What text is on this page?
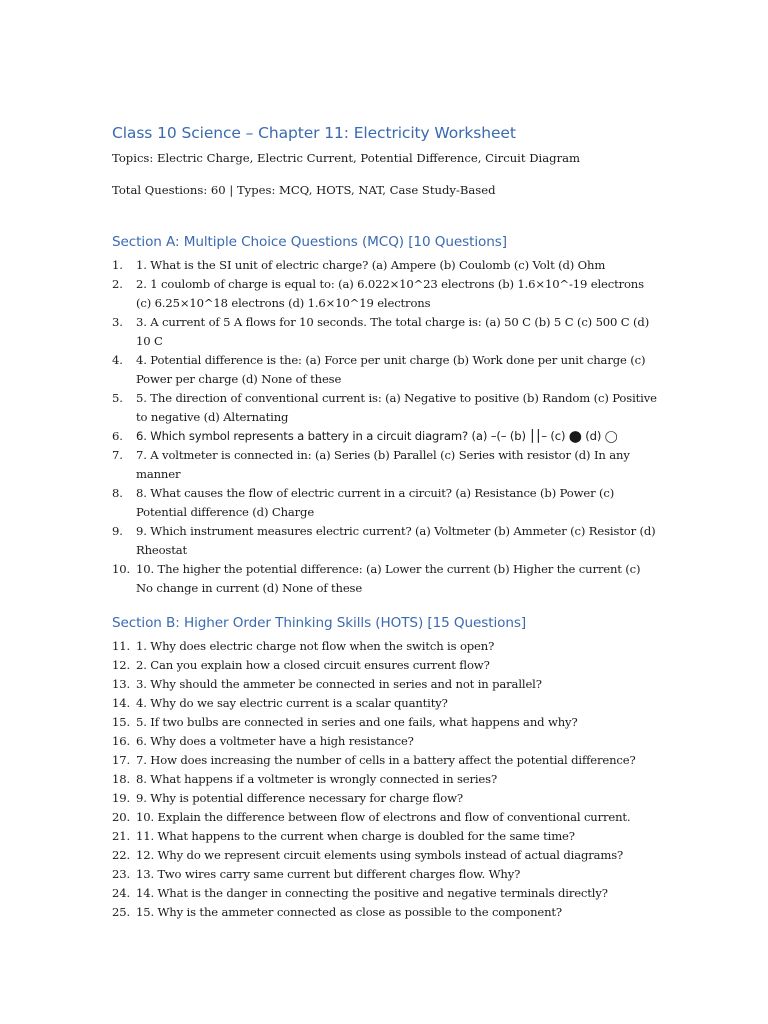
Class 10 Science – Chapter 11: Electricity Worksheet

Topics: Electric Charge, Electric Current, Potential Difference, Circuit Diagram

Total Questions: 60 | Types: MCQ, HOTS, NAT, Case Study-Based

Section A: Multiple Choice Questions (MCQ) [10 Questions]
1. 1. What is the SI unit of electric charge? (a) Ampere (b) Coulomb (c) Volt (d) Ohm
2. 2. 1 coulomb of charge is equal to: (a) 6.022×10^23 electrons (b) 1.6×10^-19 electrons (c) 6.25×10^18 electrons (d) 1.6×10^19 electrons
3. 3. A current of 5 A flows for 10 seconds. The total charge is: (a) 50 C (b) 5 C (c) 500 C (d) 10 C
4. 4. Potential difference is the: (a) Force per unit charge (b) Work done per unit charge (c) Power per charge (d) None of these
5. 5. The direction of conventional current is: (a) Negative to positive (b) Random (c) Positive to negative (d) Alternating
6. 6. Which symbol represents a battery in a circuit diagram? (a) –(– (b) ⎮⎮– (c) ⬤ (d) ◯
7. 7. A voltmeter is connected in: (a) Series (b) Parallel (c) Series with resistor (d) In any manner
8. 8. What causes the flow of electric current in a circuit? (a) Resistance (b) Power (c) Potential difference (d) Charge
9. 9. Which instrument measures electric current? (a) Voltmeter (b) Ammeter (c) Resistor (d) Rheostat
10. 10. The higher the potential difference: (a) Lower the current (b) Higher the current (c) No change in current (d) None of these
Section B: Higher Order Thinking Skills (HOTS) [15 Questions]
11. 1. Why does electric charge not flow when the switch is open?
12. 2. Can you explain how a closed circuit ensures current flow?
13. 3. Why should the ammeter be connected in series and not in parallel?
14. 4. Why do we say electric current is a scalar quantity?
15. 5. If two bulbs are connected in series and one fails, what happens and why?
16. 6. Why does a voltmeter have a high resistance?
17. 7. How does increasing the number of cells in a battery affect the potential difference?
18. 8. What happens if a voltmeter is wrongly connected in series?
19. 9. Why is potential difference necessary for charge flow?
20. 10. Explain the difference between flow of electrons and flow of conventional current.
21. 11. What happens to the current when charge is doubled for the same time?
22. 12. Why do we represent circuit elements using symbols instead of actual diagrams?
23. 13. Two wires carry same current but different charges flow. Why?
24. 14. What is the danger in connecting the positive and negative terminals directly?
25. 15. Why is the ammeter connected as close as possible to the component?
